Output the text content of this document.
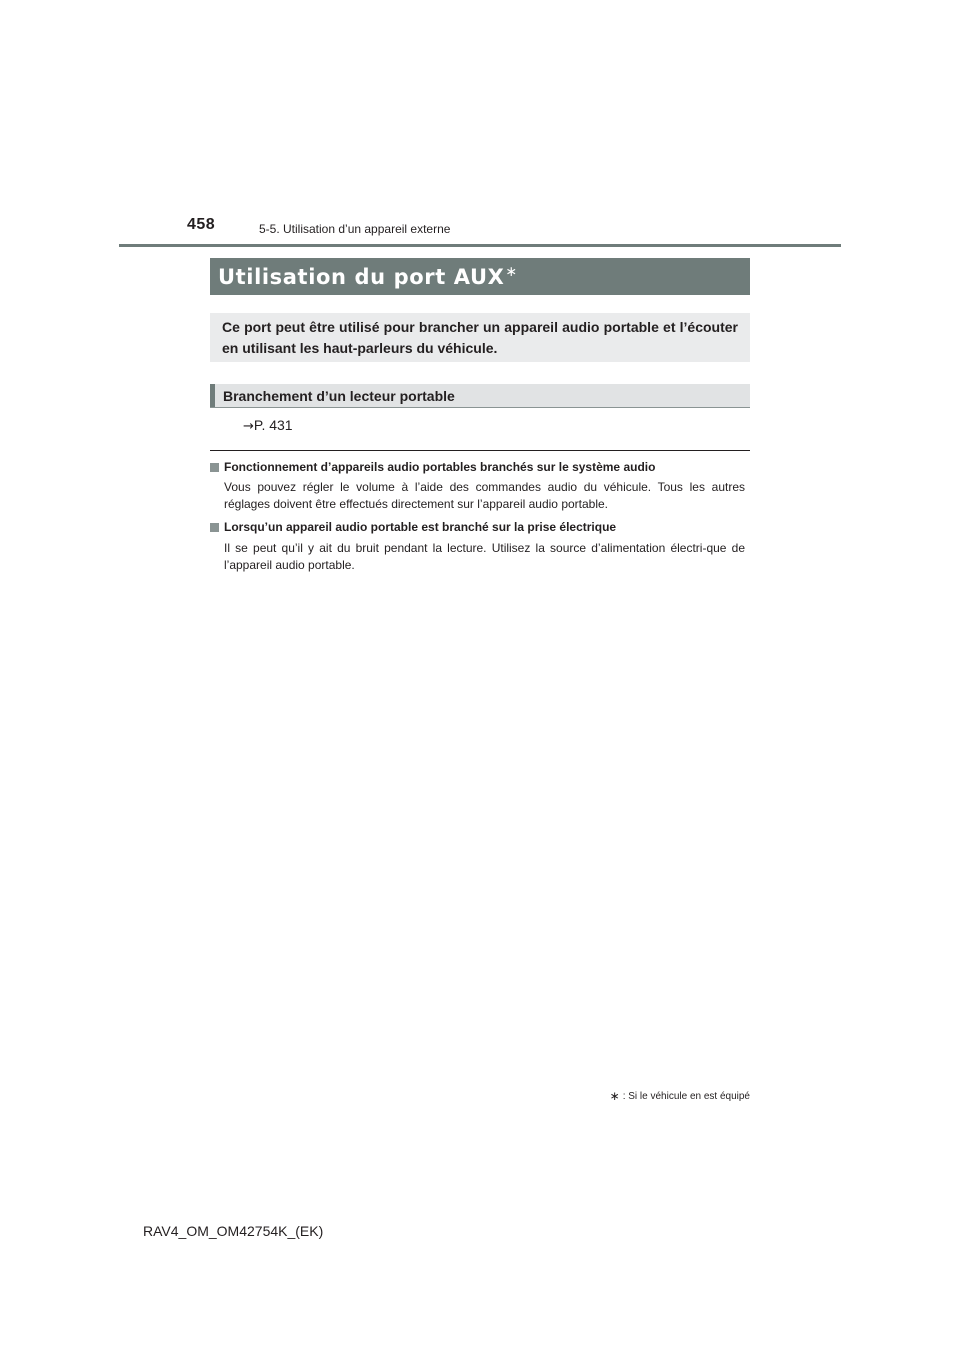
458	5-5. Utilisation d’un appareil externe
Utilisation du port AUX∗
Ce port peut être utilisé pour brancher un appareil audio portable et l’écouter en utilisant les haut-parleurs du véhicule.
Branchement d’un lecteur portable
→P. 431
Fonctionnement d’appareils audio portables branchés sur le système audio
Vous pouvez régler le volume à l’aide des commandes audio du véhicule. Tous les autres réglages doivent être effectués directement sur l’appareil audio portable.
Lorsqu’un appareil audio portable est branché sur la prise électrique
Il se peut qu’il y ait du bruit pendant la lecture. Utilisez la source d’alimentation électri-que de l’appareil audio portable.
∗ : Si le véhicule en est équipé
RAV4_OM_OM42754K_(EK)
